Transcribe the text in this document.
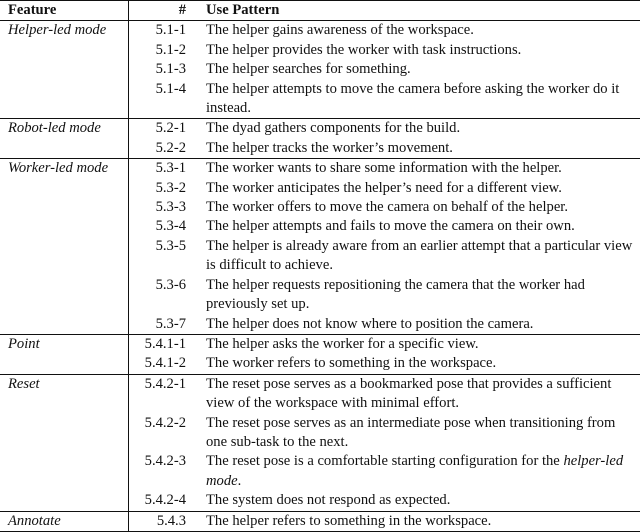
Feature	#	Use Pattern
Helper-led mode	5.1-1	The helper gains awareness of the workspace.
	5.1-2	The helper provides the worker with task instructions.
	5.1-3	The helper searches for something.
	5.1-4	The helper attempts to move the camera before asking the worker do it instead.
Robot-led mode	5.2-1	The dyad gathers components for the build.
	5.2-2	The helper tracks the worker’s movement.
Worker-led mode	5.3-1	The worker wants to share some information with the helper.
	5.3-2	The worker anticipates the helper’s need for a different view.
	5.3-3	The worker offers to move the camera on behalf of the helper.
	5.3-4	The helper attempts and fails to move the camera on their own.
	5.3-5	The helper is already aware from an earlier attempt that a particular view is difficult to achieve.
	5.3-6	The helper requests repositioning the camera that the worker had previously set up.
	5.3-7	The helper does not know where to position the camera.
Point	5.4.1-1	The helper asks the worker for a specific view.
	5.4.1-2	The worker refers to something in the workspace.
Reset	5.4.2-1	The reset pose serves as a bookmarked pose that provides a sufficient view of the workspace with minimal effort.
	5.4.2-2	The reset pose serves as an intermediate pose when transitioning from one sub-task to the next.
	5.4.2-3	The reset pose is a comfortable starting configuration for the helper-led mode.
	5.4.2-4	The system does not respond as expected.
Annotate	5.4.3	The helper refers to something in the workspace.
